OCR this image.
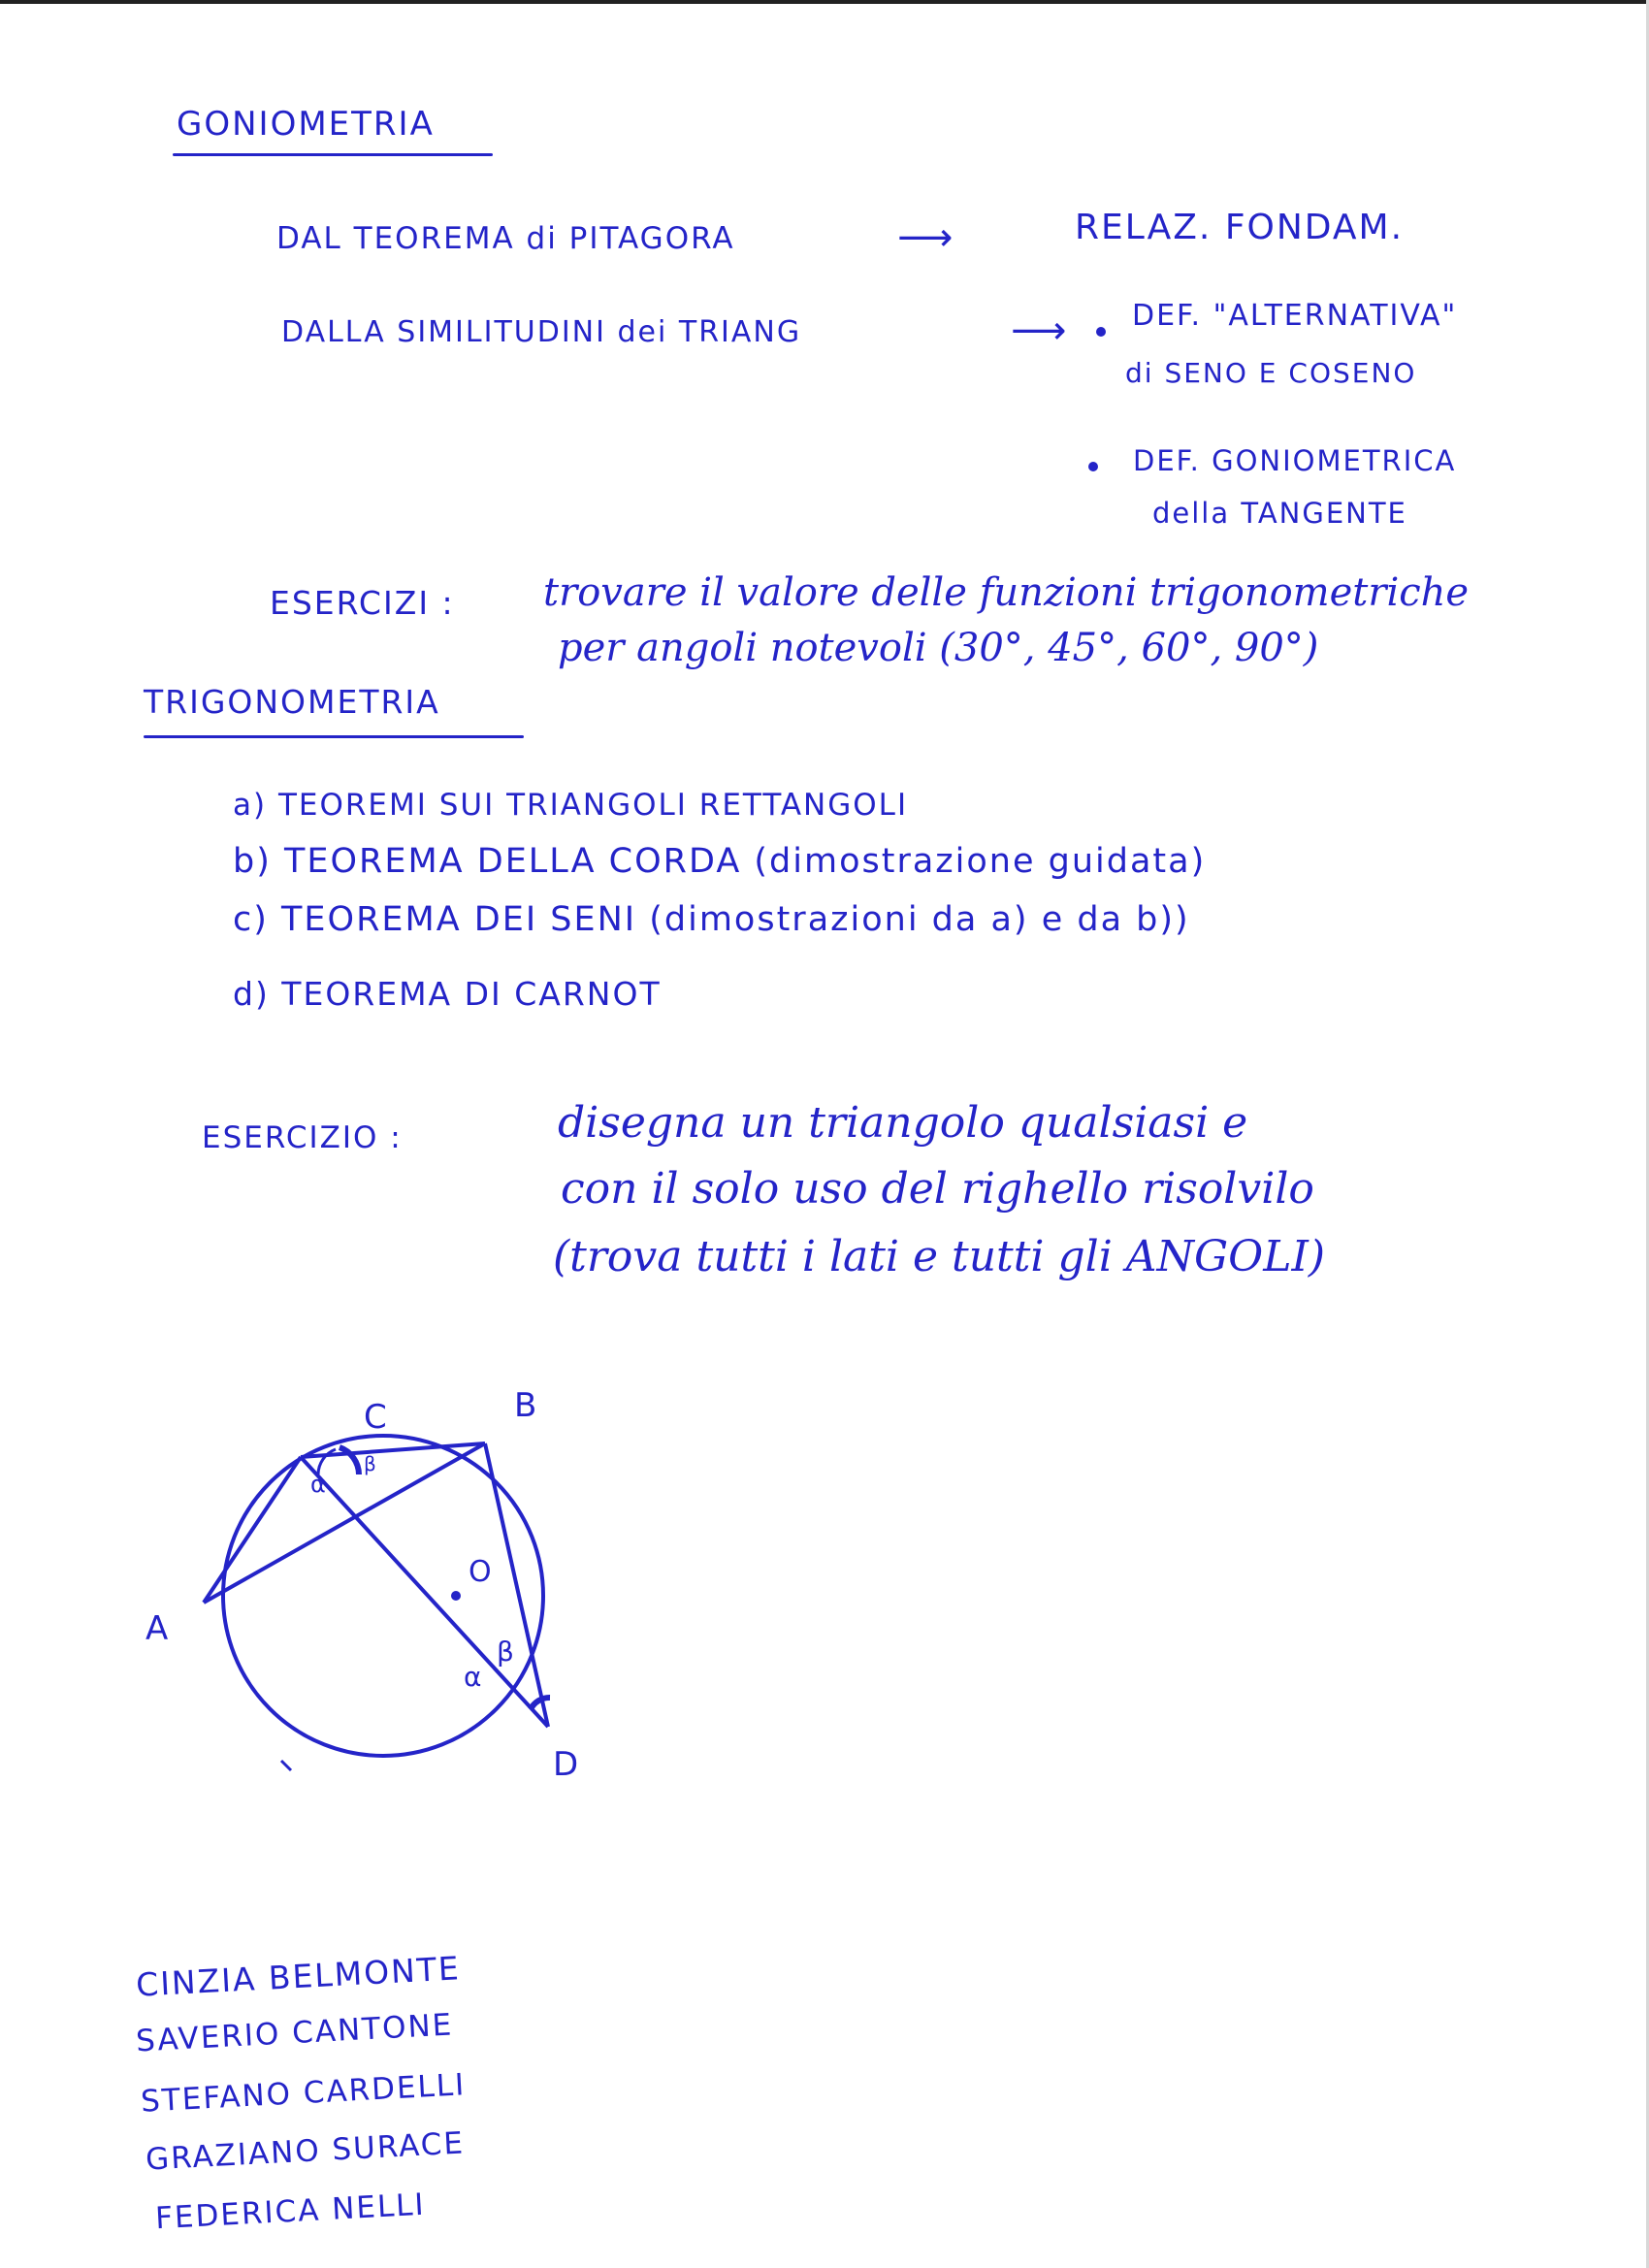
GONIOMETRIA
DAL TEOREMA di PITAGORA	⟶	RELAZ. FONDAM.
DALLA SIMILITUDINI dei TRIANG	⟶ DEF. "ALTERNATIVA"
di SENO E COSENO
DEF. GONIOMETRICA
della TANGENTE
ESERCIZI : trovare il valore delle funzioni trigonometriche
per angoli notevoli (30°, 45°, 60°, 90°)
TRIGONOMETRIA
a) TEOREMI SUI TRIANGOLI RETTANGOLI
b) TEOREMA DELLA CORDA (dimostrazione guidata)
c) TEOREMA DEI SENI (dimostrazioni da a) e da b))
d) TEOREMA DI CARNOT
ESERCIZIO :	disegna un triangolo qualsiasi e
con il solo uso del righello risolvilo
(trova tutti i lati e tutti gli ANGOLI)
C	B
A
D
O
α
β
β
α
CINZIA BELMONTE
SAVERIO CANTONE
STEFANO CARDELLI
GRAZIANO SURACE
FEDERICA NELLI
